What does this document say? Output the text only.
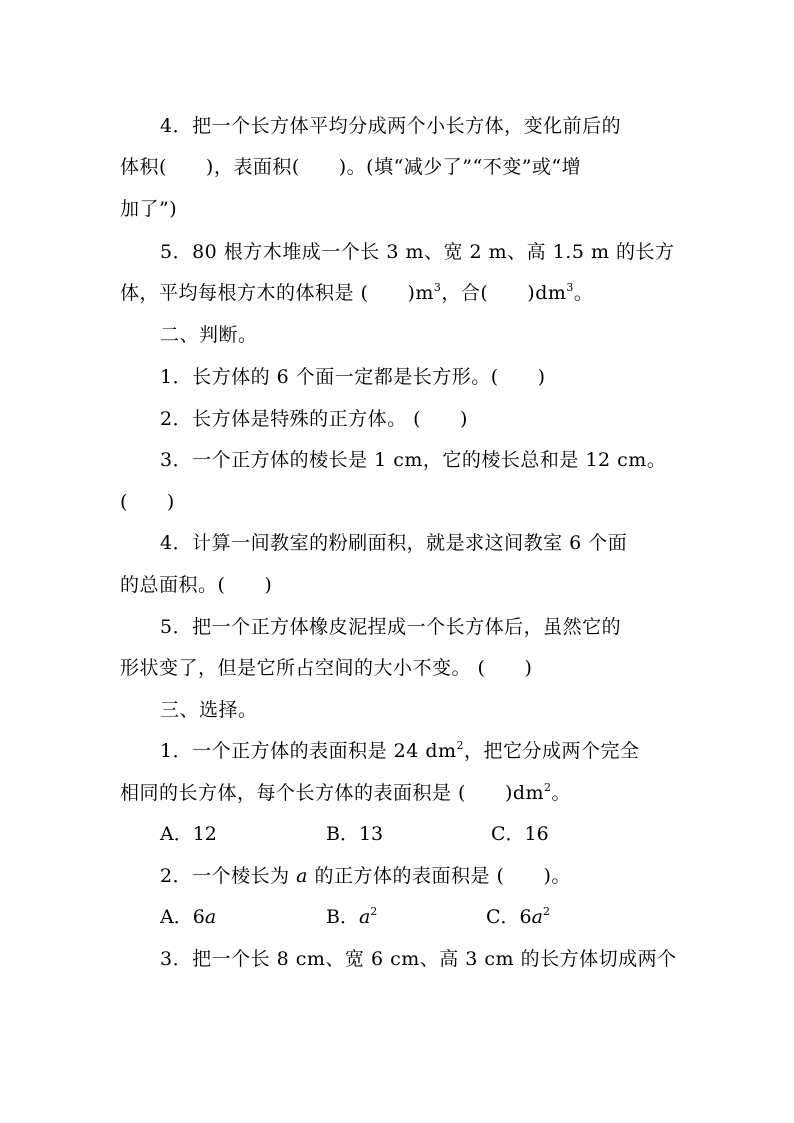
4．把一个长方体平均分成两个小长方体，变化前后的
体积(　　)，表面积(　　)。(填“减少了”“不变”或“增
加了”)
5．80 根方木堆成一个长 3 m、宽 2 m、高 1.5 m 的长方
体，平均每根方木的体积是 (　　)$m^3$，合(　　)$dm^3$。
二、判断。
1．长方体的 6 个面一定都是长方形。(　　)
2．长方体是特殊的正方体。 (　　)
3．一个正方体的棱长是 1 cm，它的棱长总和是 12 cm。
(　　)
4．计算一间教室的粉刷面积，就是求这间教室 6 个面
的总面积。(　　)
5．把一个正方体橡皮泥捏成一个长方体后，虽然它的
形状变了，但是它所占空间的大小不变。 (　　)
三、选择。
1．一个正方体的表面积是 24 $dm^2$，把它分成两个完全
相同的长方体，每个长方体的表面积是 (　　)$dm^2$。
A．12	B．13	C．16
2．一个棱长为 a 的正方体的表面积是 (　　)。
A．6a	B．$a^2$	C．$6a^2$
3．把一个长 8 cm、宽 6 cm、高 3 cm 的长方体切成两个
